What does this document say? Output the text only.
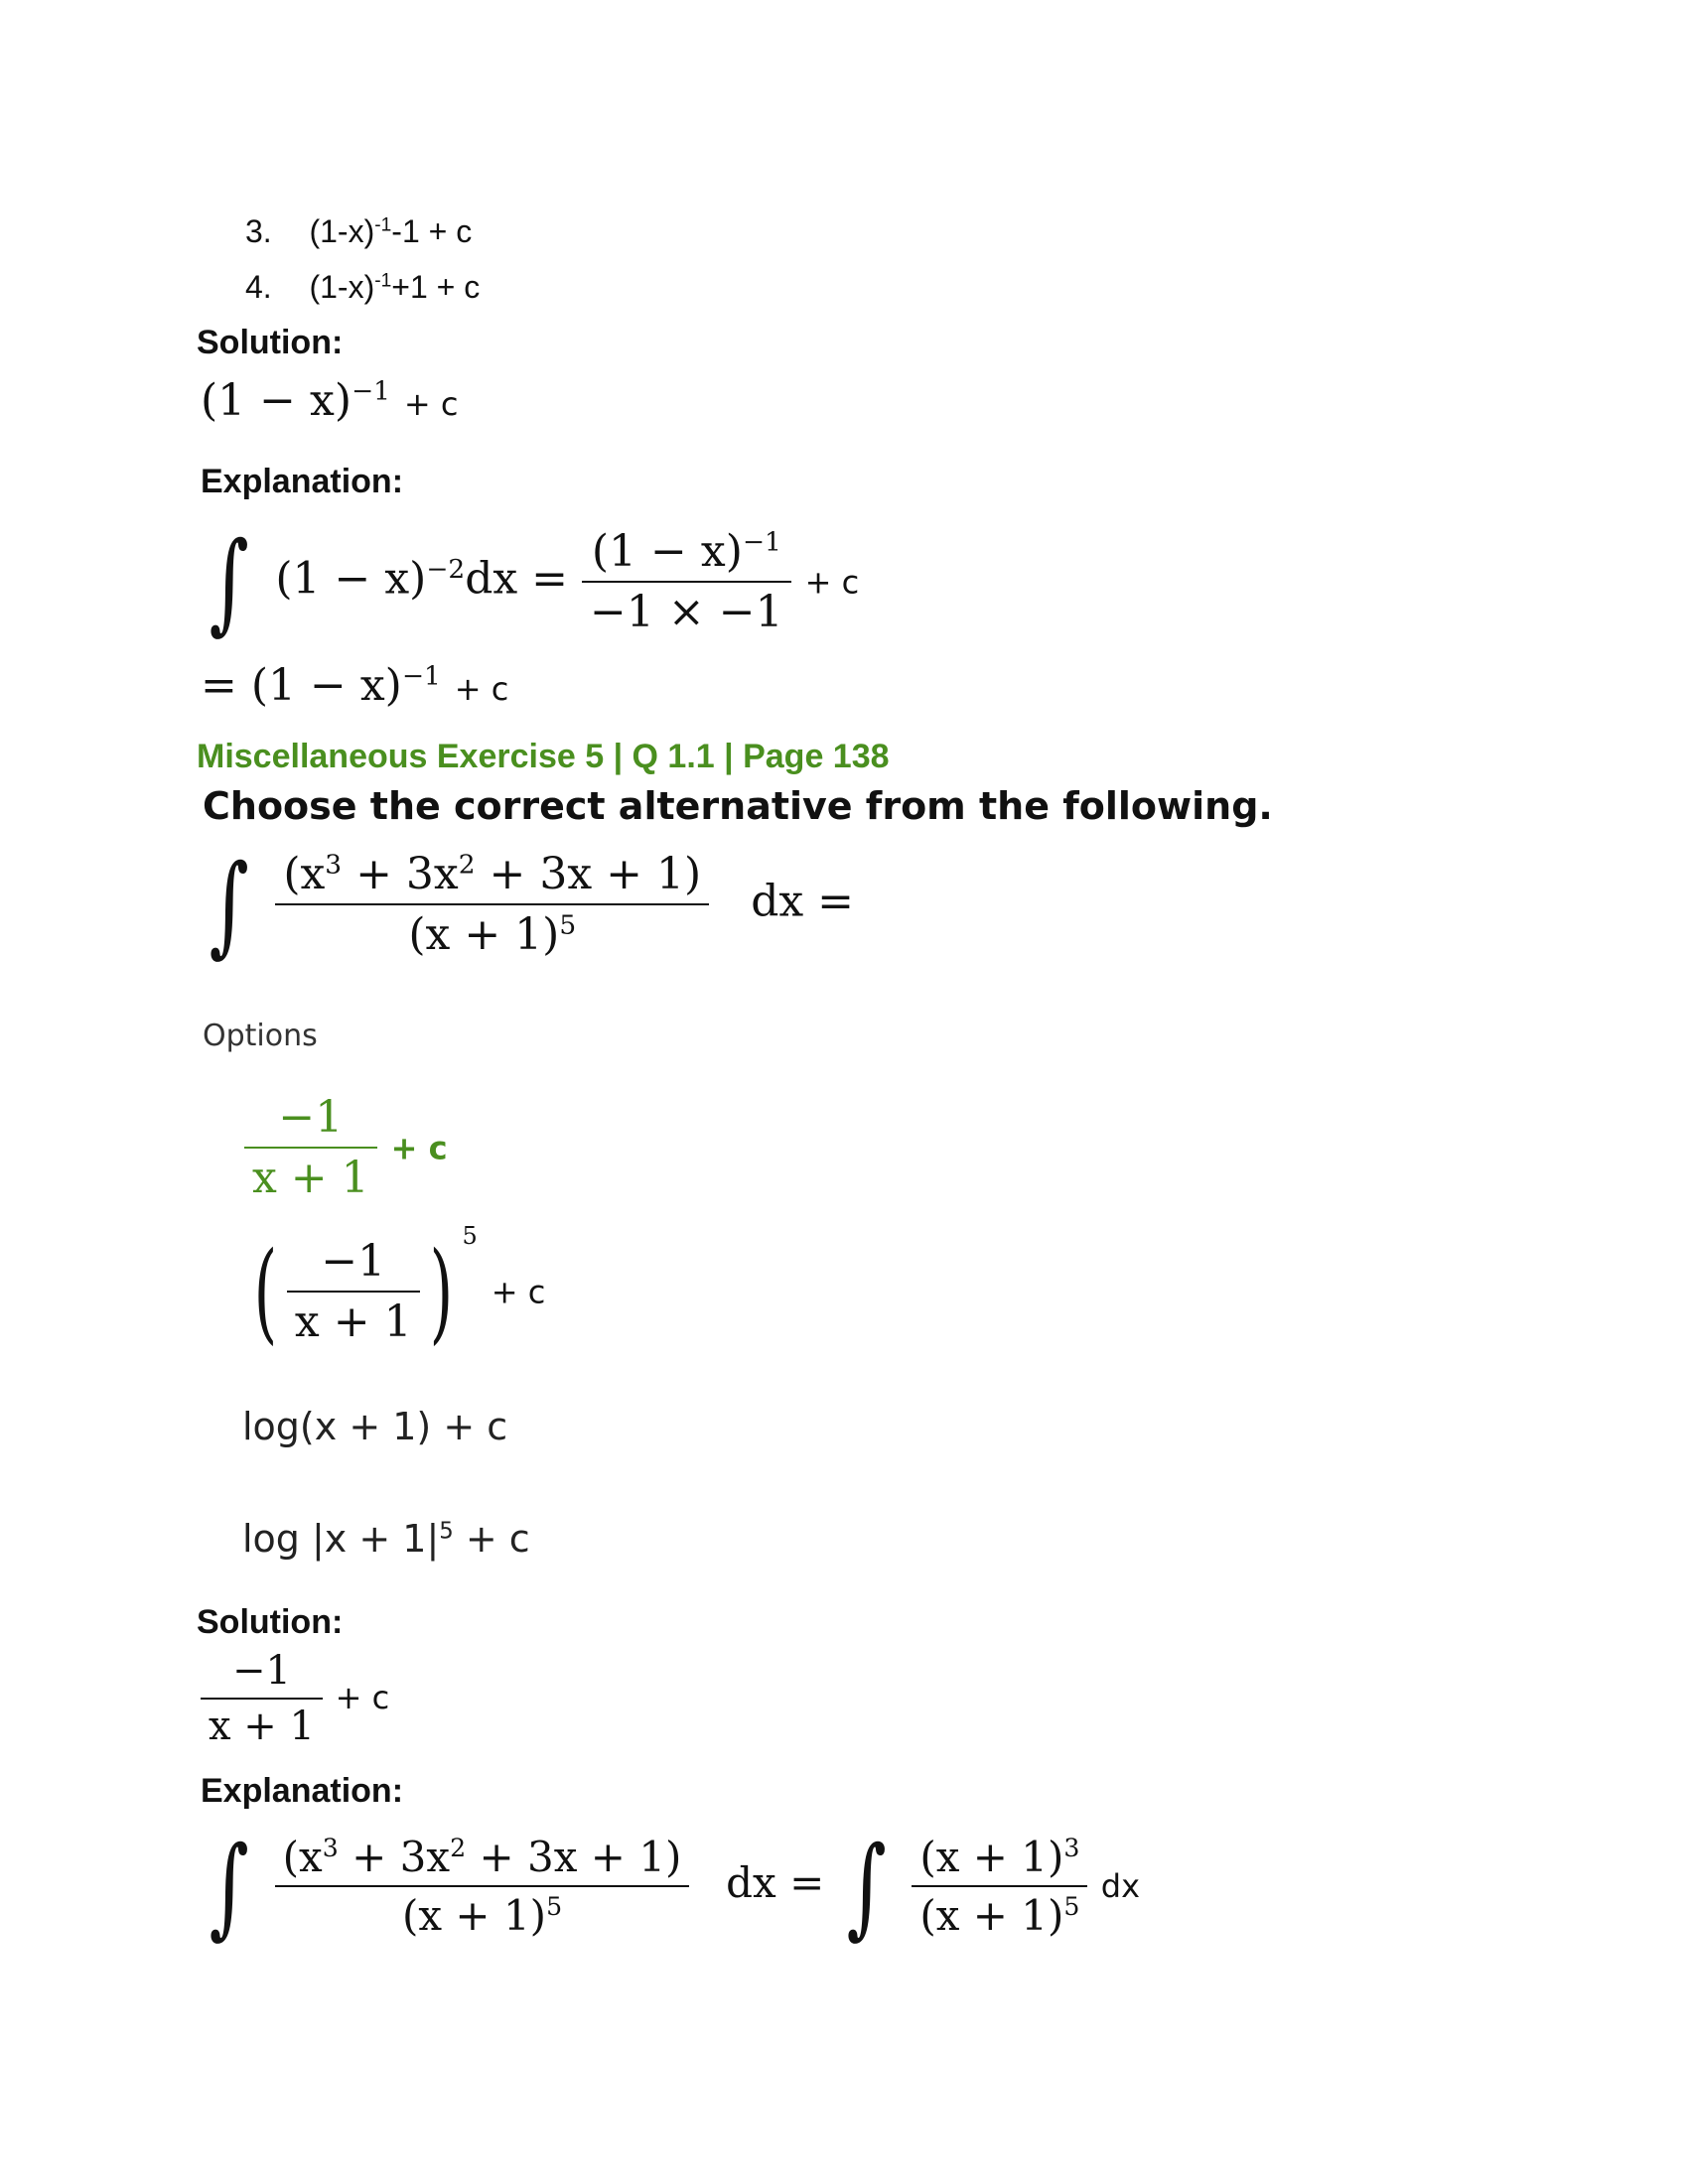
3. $(1-x)^{-1}-1 + c$
4. $(1-x)^{-1}+1 + c$
Solution:
$(1 - x)^{-1} + c$
Explanation:
∫ $(1 - x)^{-2}dx = \frac{(1 - x)^{-1}}{-1 \times -1} + c$
= $(1 - x)^{-1} + c$
Miscellaneous Exercise 5 | Q 1.1 | Page 138
Choose the correct alternative from the following.
∫ $\frac{(x^3 + 3x^2 + 3x + 1)}{(x + 1)^5}$ dx =
Options
$\frac{-1}{x + 1} + c$
( $\frac{-1}{x + 1}$ ) $^5$ + c
log(x + 1) + c
$\log |x + 1|^5 + c$
Solution:
$\frac{-1}{x + 1} + c$
Explanation:
∫ $\frac{(x^3 + 3x^2 + 3x + 1)}{(x + 1)^5}$ dx = ∫ $\frac{(x + 1)^3}{(x + 1)^5}$ dx
